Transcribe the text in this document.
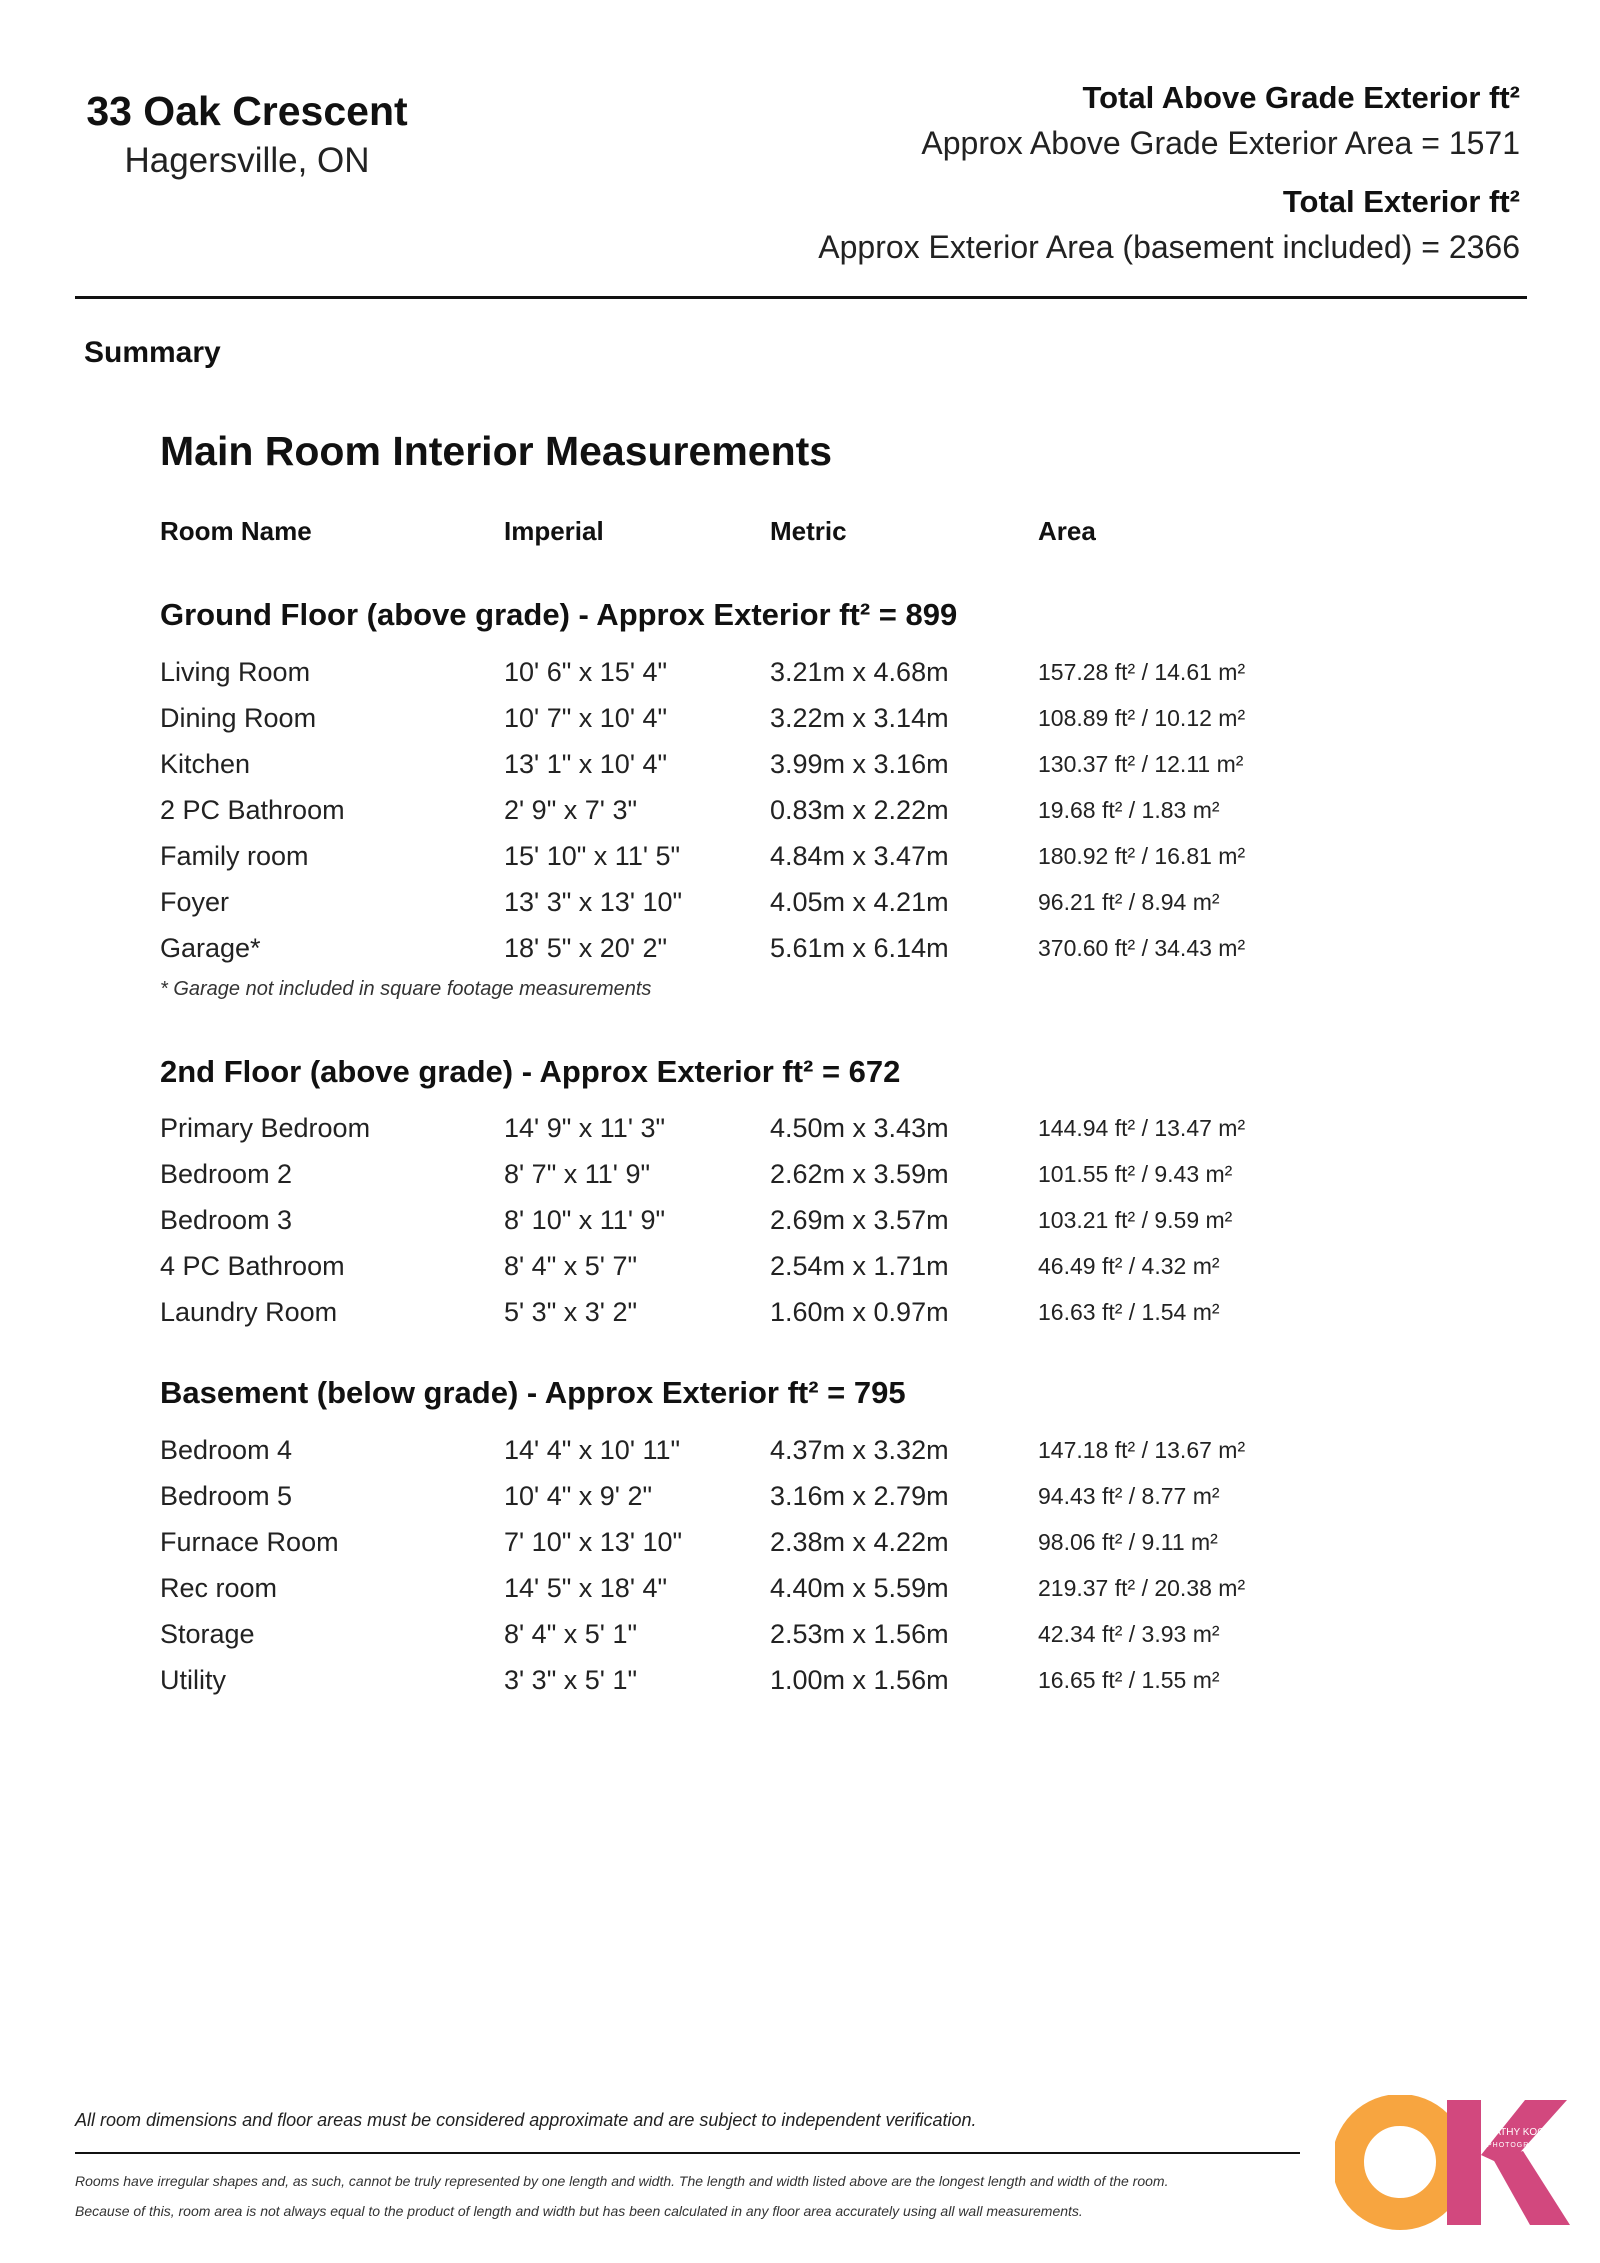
33 Oak Crescent
Hagersville, ON
Total Above Grade Exterior ft²
Approx Above Grade Exterior Area = 1571
Total Exterior ft²
Approx Exterior Area (basement included) = 2366
Summary
Main Room Interior Measurements
Room Name	Imperial	Metric	Area
Ground Floor (above grade) - Approx Exterior ft² = 899
Living Room	10' 6" x 15' 4"	3.21m x 4.68m	157.28 ft² / 14.61 m²
Dining Room	10' 7" x 10' 4"	3.22m x 3.14m	108.89 ft² / 10.12 m²
Kitchen	13' 1" x 10' 4"	3.99m x 3.16m	130.37 ft² / 12.11 m²
2 PC Bathroom	2' 9" x 7' 3"	0.83m x 2.22m	19.68 ft² / 1.83 m²
Family room	15' 10" x 11' 5"	4.84m x 3.47m	180.92 ft² / 16.81 m²
Foyer	13' 3" x 13' 10"	4.05m x 4.21m	96.21 ft² / 8.94 m²
Garage*	18' 5" x 20' 2"	5.61m x 6.14m	370.60 ft² / 34.43 m²
* Garage not included in square footage measurements
2nd Floor (above grade) - Approx Exterior ft² = 672
Primary Bedroom	14' 9" x 11' 3"	4.50m x 3.43m	144.94 ft² / 13.47 m²
Bedroom 2	8' 7" x 11' 9"	2.62m x 3.59m	101.55 ft² / 9.43 m²
Bedroom 3	8' 10" x 11' 9"	2.69m x 3.57m	103.21 ft² / 9.59 m²
4 PC Bathroom	8' 4" x 5' 7"	2.54m x 1.71m	46.49 ft² / 4.32 m²
Laundry Room	5' 3" x 3' 2"	1.60m x 0.97m	16.63 ft² / 1.54 m²
Basement (below grade) - Approx Exterior ft² = 795
Bedroom 4	14' 4" x 10' 11"	4.37m x 3.32m	147.18 ft² / 13.67 m²
Bedroom 5	10' 4" x 9' 2"	3.16m x 2.79m	94.43 ft² / 8.77 m²
Furnace Room	7' 10" x 13' 10"	2.38m x 4.22m	98.06 ft² / 9.11 m²
Rec room	14' 5" x 18' 4"	4.40m x 5.59m	219.37 ft² / 20.38 m²
Storage	8' 4" x 5' 1"	2.53m x 1.56m	42.34 ft² / 3.93 m²
Utility	3' 3" x 5' 1"	1.00m x 1.56m	16.65 ft² / 1.55 m²
All room dimensions and floor areas must be considered approximate and are subject to independent verification.
Rooms have irregular shapes and, as such, cannot be truly represented by one length and width. The length and width listed above are the longest length and width of the room.
Because of this, room area is not always equal to the product of length and width but has been calculated in any floor area accurately using all wall measurements.
CATHY KOOP
PHOTOGRAPHY
